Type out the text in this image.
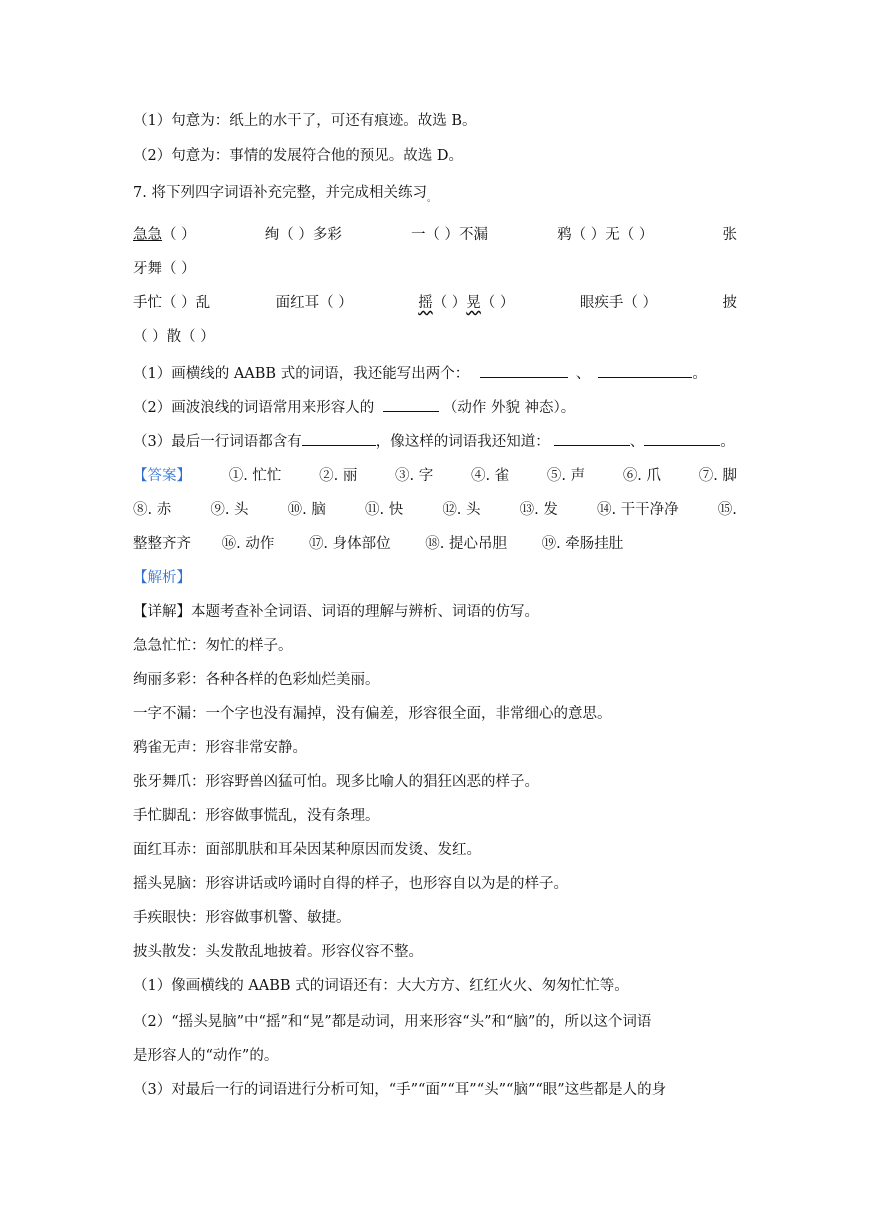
（1）句意为：纸上的水干了，可还有痕迹。故选 B。
（2）句意为：事情的发展符合他的预见。故选 D。
7. 将下列四字词语补充完整，并完成相关练习$_。$
急急（ ）	绚（ ）多彩	一（ ）不漏	鸦（ ）无（ ）	张
牙舞（ ）
手忙（ ）乱	面红耳（ ）	摇（ ）晃（ ）	眼疾手（ ）	披
（ ）散（ ）
（1）画横线的 AABB 式的词语，我还能写出两个：	、	。
（2）画波浪线的词语常用来形容人的	（动作 外貌 神态）。
（3）最后一行词语都含有	，像这样的词语我还知道：	、	。
【答案】	①. 忙忙	②. 丽	③. 字	④. 雀	⑤. 声	⑥. 爪	⑦. 脚
⑧. 赤	⑨. 头	⑩. 脑	⑪. 快	⑫. 头	⑬. 发	⑭. 干干净净	⑮.
整整齐齐 ⑯. 动作 ⑰. 身体部位 ⑱. 提心吊胆 ⑲. 牵肠挂肚
【解析】
【详解】本题考查补全词语、词语的理解与辨析、词语的仿写。
急急忙忙：匆忙的样子。
绚丽多彩：各种各样的色彩灿烂美丽。
一字不漏：一个字也没有漏掉，没有偏差，形容很全面，非常细心的意思。
鸦雀无声：形容非常安静。
张牙舞爪：形容野兽凶猛可怕。现多比喻人的猖狂凶恶的样子。
手忙脚乱：形容做事慌乱，没有条理。
面红耳赤：面部肌肤和耳朵因某种原因而发烫、发红。
摇头晃脑：形容讲话或吟诵时自得的样子，也形容自以为是的样子。
手疾眼快：形容做事机警、敏捷。
披头散发：头发散乱地披着。形容仪容不整。
（1）像画横线的 AABB 式的词语还有：大大方方、红红火火、匆匆忙忙等。
（2）“摇头晃脑”中“摇”和“晃”都是动词，用来形容“头”和“脑”的，所以这个词语
是形容人的“动作”的。
（3）对最后一行的词语进行分析可知，“手”“面”“耳”“头”“脑”“眼”这些都是人的身
